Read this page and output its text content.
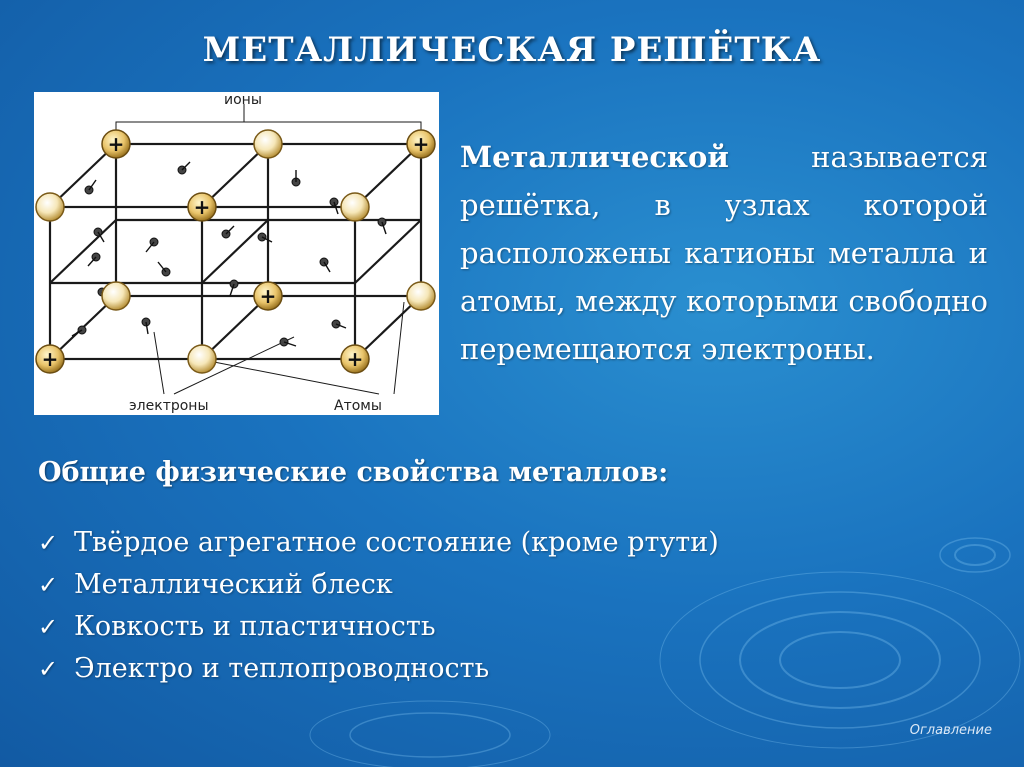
МЕТАЛЛИЧЕСКАЯ РЕШЁТКА
+	+
+
+
+	+
ионы
электроны	Атомы
Металлической называется решётка, в узлах которой расположены катионы металла и атомы, между которыми свободно перемещаются электроны.
Общие физические свойства металлов:
✓ Твёрдое агрегатное состояние (кроме ртути)
✓ Металлический блеск
✓ Ковкость и пластичность
✓ Электро и теплопроводность
Оглавление
